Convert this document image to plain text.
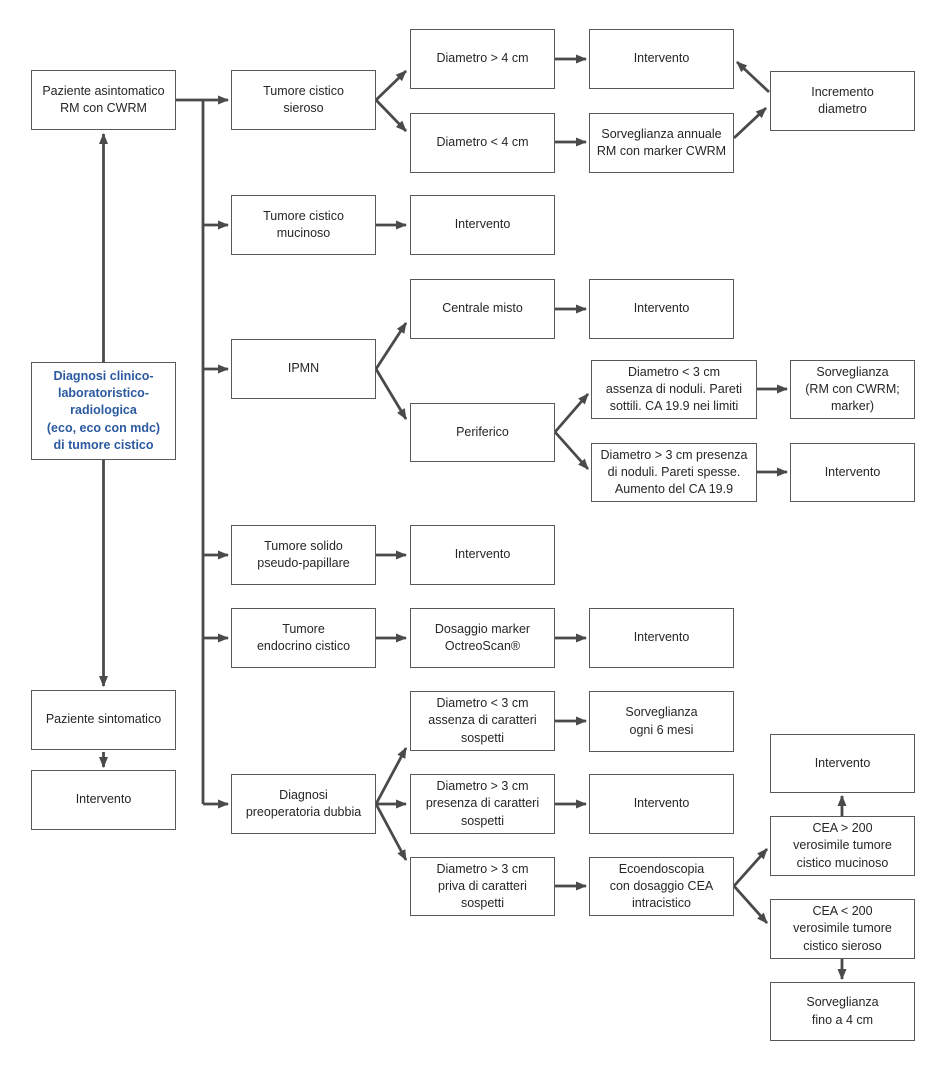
Paziente asintomatico
RM con CWRM
Diagnosi clinico-
laboratoristico-
radiologica
(eco, eco con mdc)
di tumore cistico
Paziente sintomatico
Intervento
Tumore cistico
sieroso
Tumore cistico
mucinoso
IPMN
Tumore solido
pseudo-papillare
Tumore
endocrino cistico
Diagnosi
preoperatoria dubbia
Diametro > 4 cm
Diametro < 4 cm
Intervento
Centrale misto
Periferico
Intervento
Dosaggio marker
OctreoScan®
Diametro < 3 cm
assenza di caratteri
sospetti
Diametro > 3 cm
presenza di caratteri
sospetti
Diametro > 3 cm
priva di caratteri
sospetti
Intervento
Sorveglianza annuale
RM con marker CWRM
Intervento
Intervento
Sorveglianza
ogni 6 mesi
Intervento
Ecoendoscopia
con dosaggio CEA
intracistico
Diametro < 3 cm
assenza di noduli. Pareti
sottili. CA 19.9 nei limiti
Diametro > 3 cm presenza
di noduli. Pareti spesse.
Aumento del CA 19.9
Incremento
diametro
Sorveglianza
(RM con CWRM;
marker)
Intervento
Intervento
CEA > 200
verosimile tumore
cistico mucinoso
CEA < 200
verosimile tumore
cistico sieroso
Sorveglianza
fino a 4 cm
